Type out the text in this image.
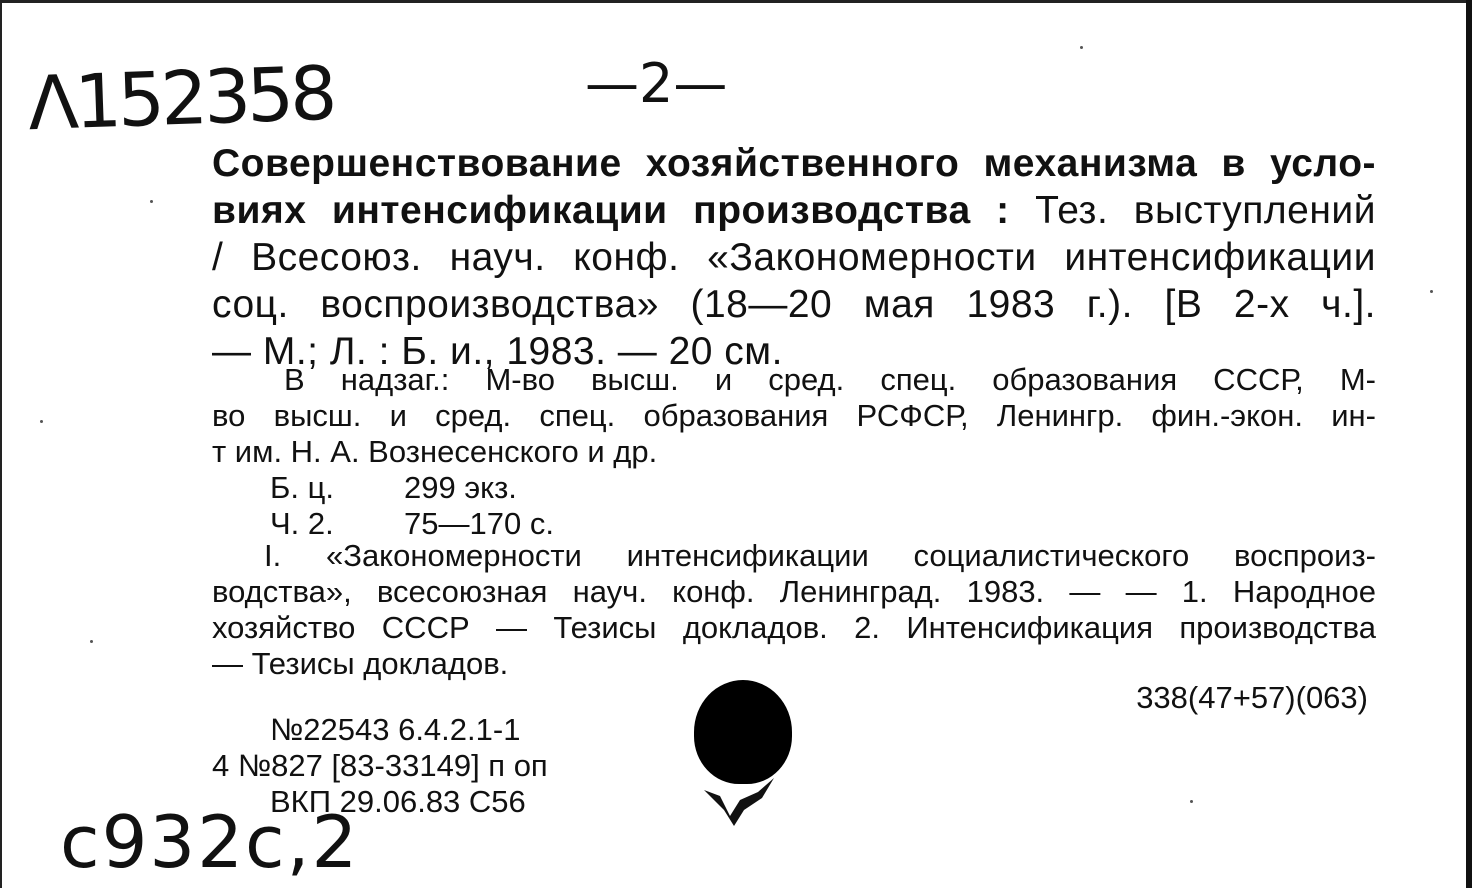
Λ152358	—2—

Совершенствование хозяйственного механизма в усло-

виях интенсификации производства : Тез. выступлений

/ Всесоюз. науч. конф. «Закономерности интенсификации

соц. воспроизводства» (18—20 мая 1983 г.). [В 2-х ч.].

— М.; Л. : Б. и., 1983. — 20 см.

В надзаг.: М-во высш. и сред. спец. образования СССР, М-

во высш. и сред. спец. образования РСФСР, Ленингр. фин.-экон. ин-

т им. Н. А. Вознесенского и др.

Б. ц. 299 экз.
Ч. 2. 75—170 с.

I. «Закономерности интенсификации социалистического воспроиз-

водства», всесоюзная науч. конф. Ленинград. 1983. — — 1. Народное

хозяйство СССР — Тезисы докладов. 2. Интенсификация производства

— Тезисы докладов.

338(47+57)(063)
№22543 6.4.2.1-1
4 №827 [83-33149] п оп
ВКП 29.06.83 С56
с932с,2
